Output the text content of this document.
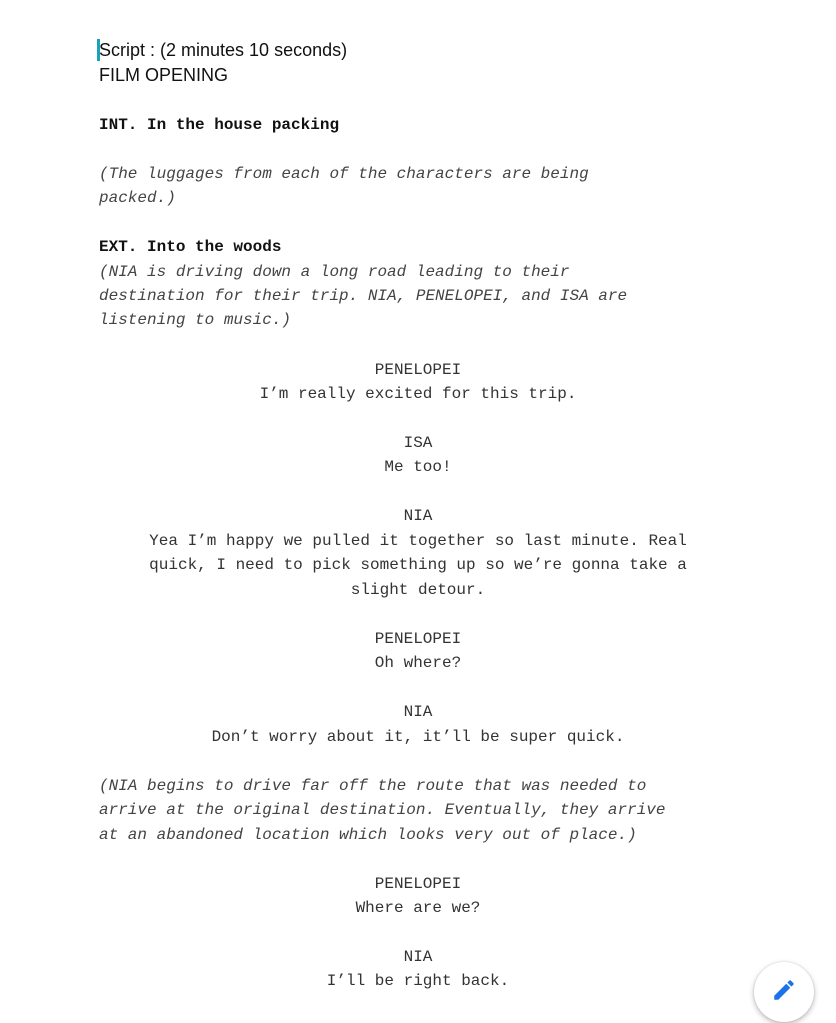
Script : (2 minutes 10 seconds)
FILM OPENING
INT. In the house packing
(The luggages from each of the characters are being
packed.)
EXT. Into the woods
(NIA is driving down a long road leading to their
destination for their trip. NIA, PENELOPEI, and ISA are
listening to music.)
PENELOPEI
I’m really excited for this trip.
ISA
Me too!
NIA
Yea I’m happy we pulled it together so last minute. Real
quick, I need to pick something up so we’re gonna take a
slight detour.
PENELOPEI
Oh where?
NIA
Don’t worry about it, it’ll be super quick.
(NIA begins to drive far off the route that was needed to
arrive at the original destination. Eventually, they arrive
at an abandoned location which looks very out of place.)
PENELOPEI
Where are we?
NIA
I’ll be right back.
